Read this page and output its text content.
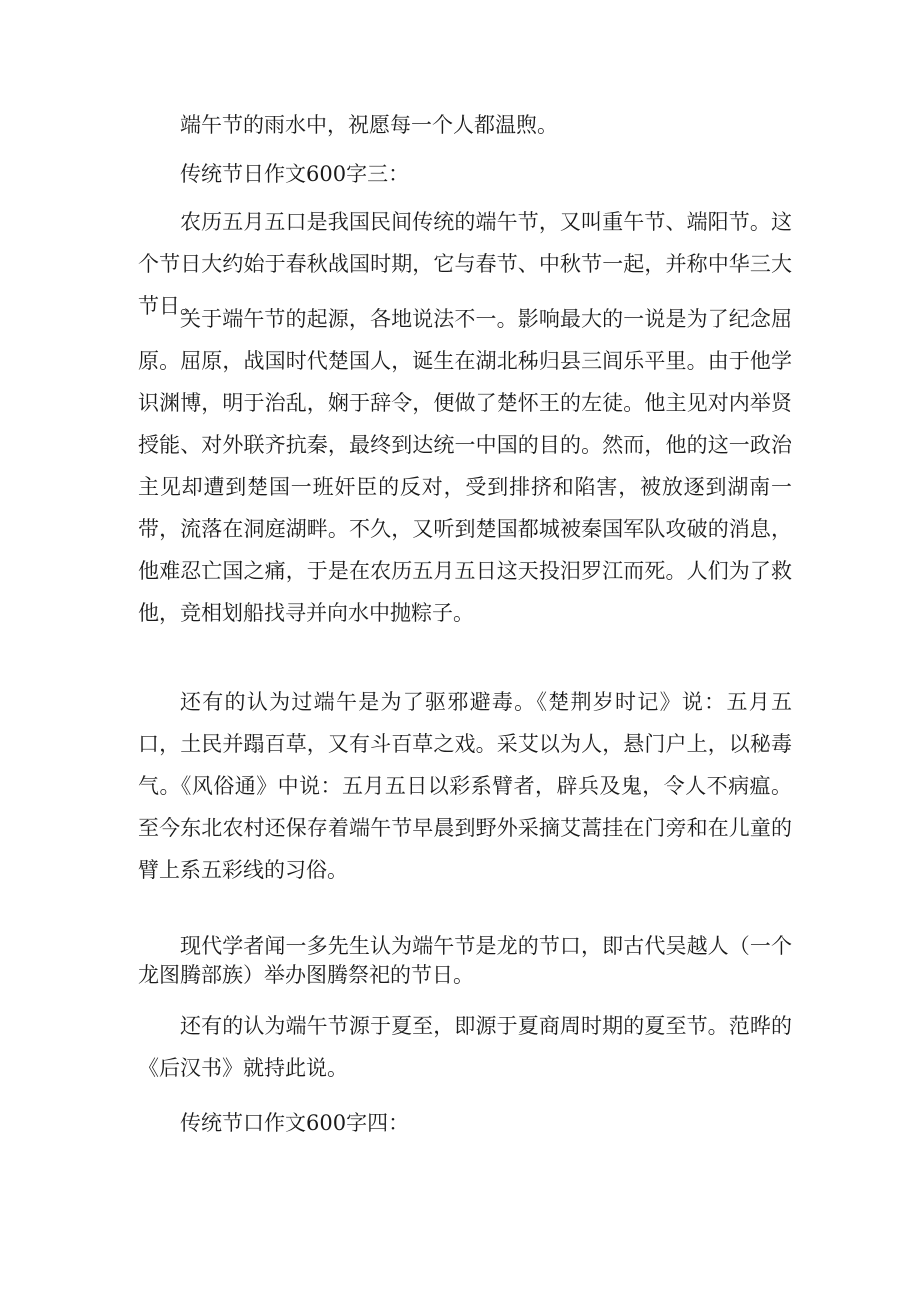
端午节的雨水中，祝愿每一个人都温煦。

传统节日作文600字三：

农历五月五口是我国民间传统的端午节，又叫重午节、端阳节。这个节日大约始于春秋战国时期，它与春节、中秋节一起，并称中华三大节日。

关于端午节的起源，各地说法不一。影响最大的一说是为了纪念屈原。屈原，战国时代楚国人，诞生在湖北秭归县三闾乐平里。由于他学识渊博，明于治乱，娴于辞令，便做了楚怀王的左徒。他主见对内举贤授能、对外联齐抗秦，最终到达统一中国的目的。然而，他的这一政治主见却遭到楚国一班奸臣的反对，受到排挤和陷害，被放逐到湖南一带，流落在洞庭湖畔。不久，又听到楚国都城被秦国军队攻破的消息，他难忍亡国之痛，于是在农历五月五日这天投汨罗江而死。人们为了救他，竞相划船找寻并向水中抛粽子。

还有的认为过端午是为了驱邪避毒。《楚荆岁时记》说：五月五口，土民并蹋百草，又有斗百草之戏。采艾以为人，悬门户上，以秘毒气。《风俗通》中说：五月五日以彩系臂者，辟兵及鬼，令人不病瘟。至今东北农村还保存着端午节早晨到野外采摘艾蒿挂在门旁和在儿童的臂上系五彩线的习俗。

现代学者闻一多先生认为端午节是龙的节口，即古代吴越人（一个龙图腾部族）举办图腾祭祀的节日。

还有的认为端午节源于夏至，即源于夏商周时期的夏至节。范晔的《后汉书》就持此说。

传统节口作文600字四：
